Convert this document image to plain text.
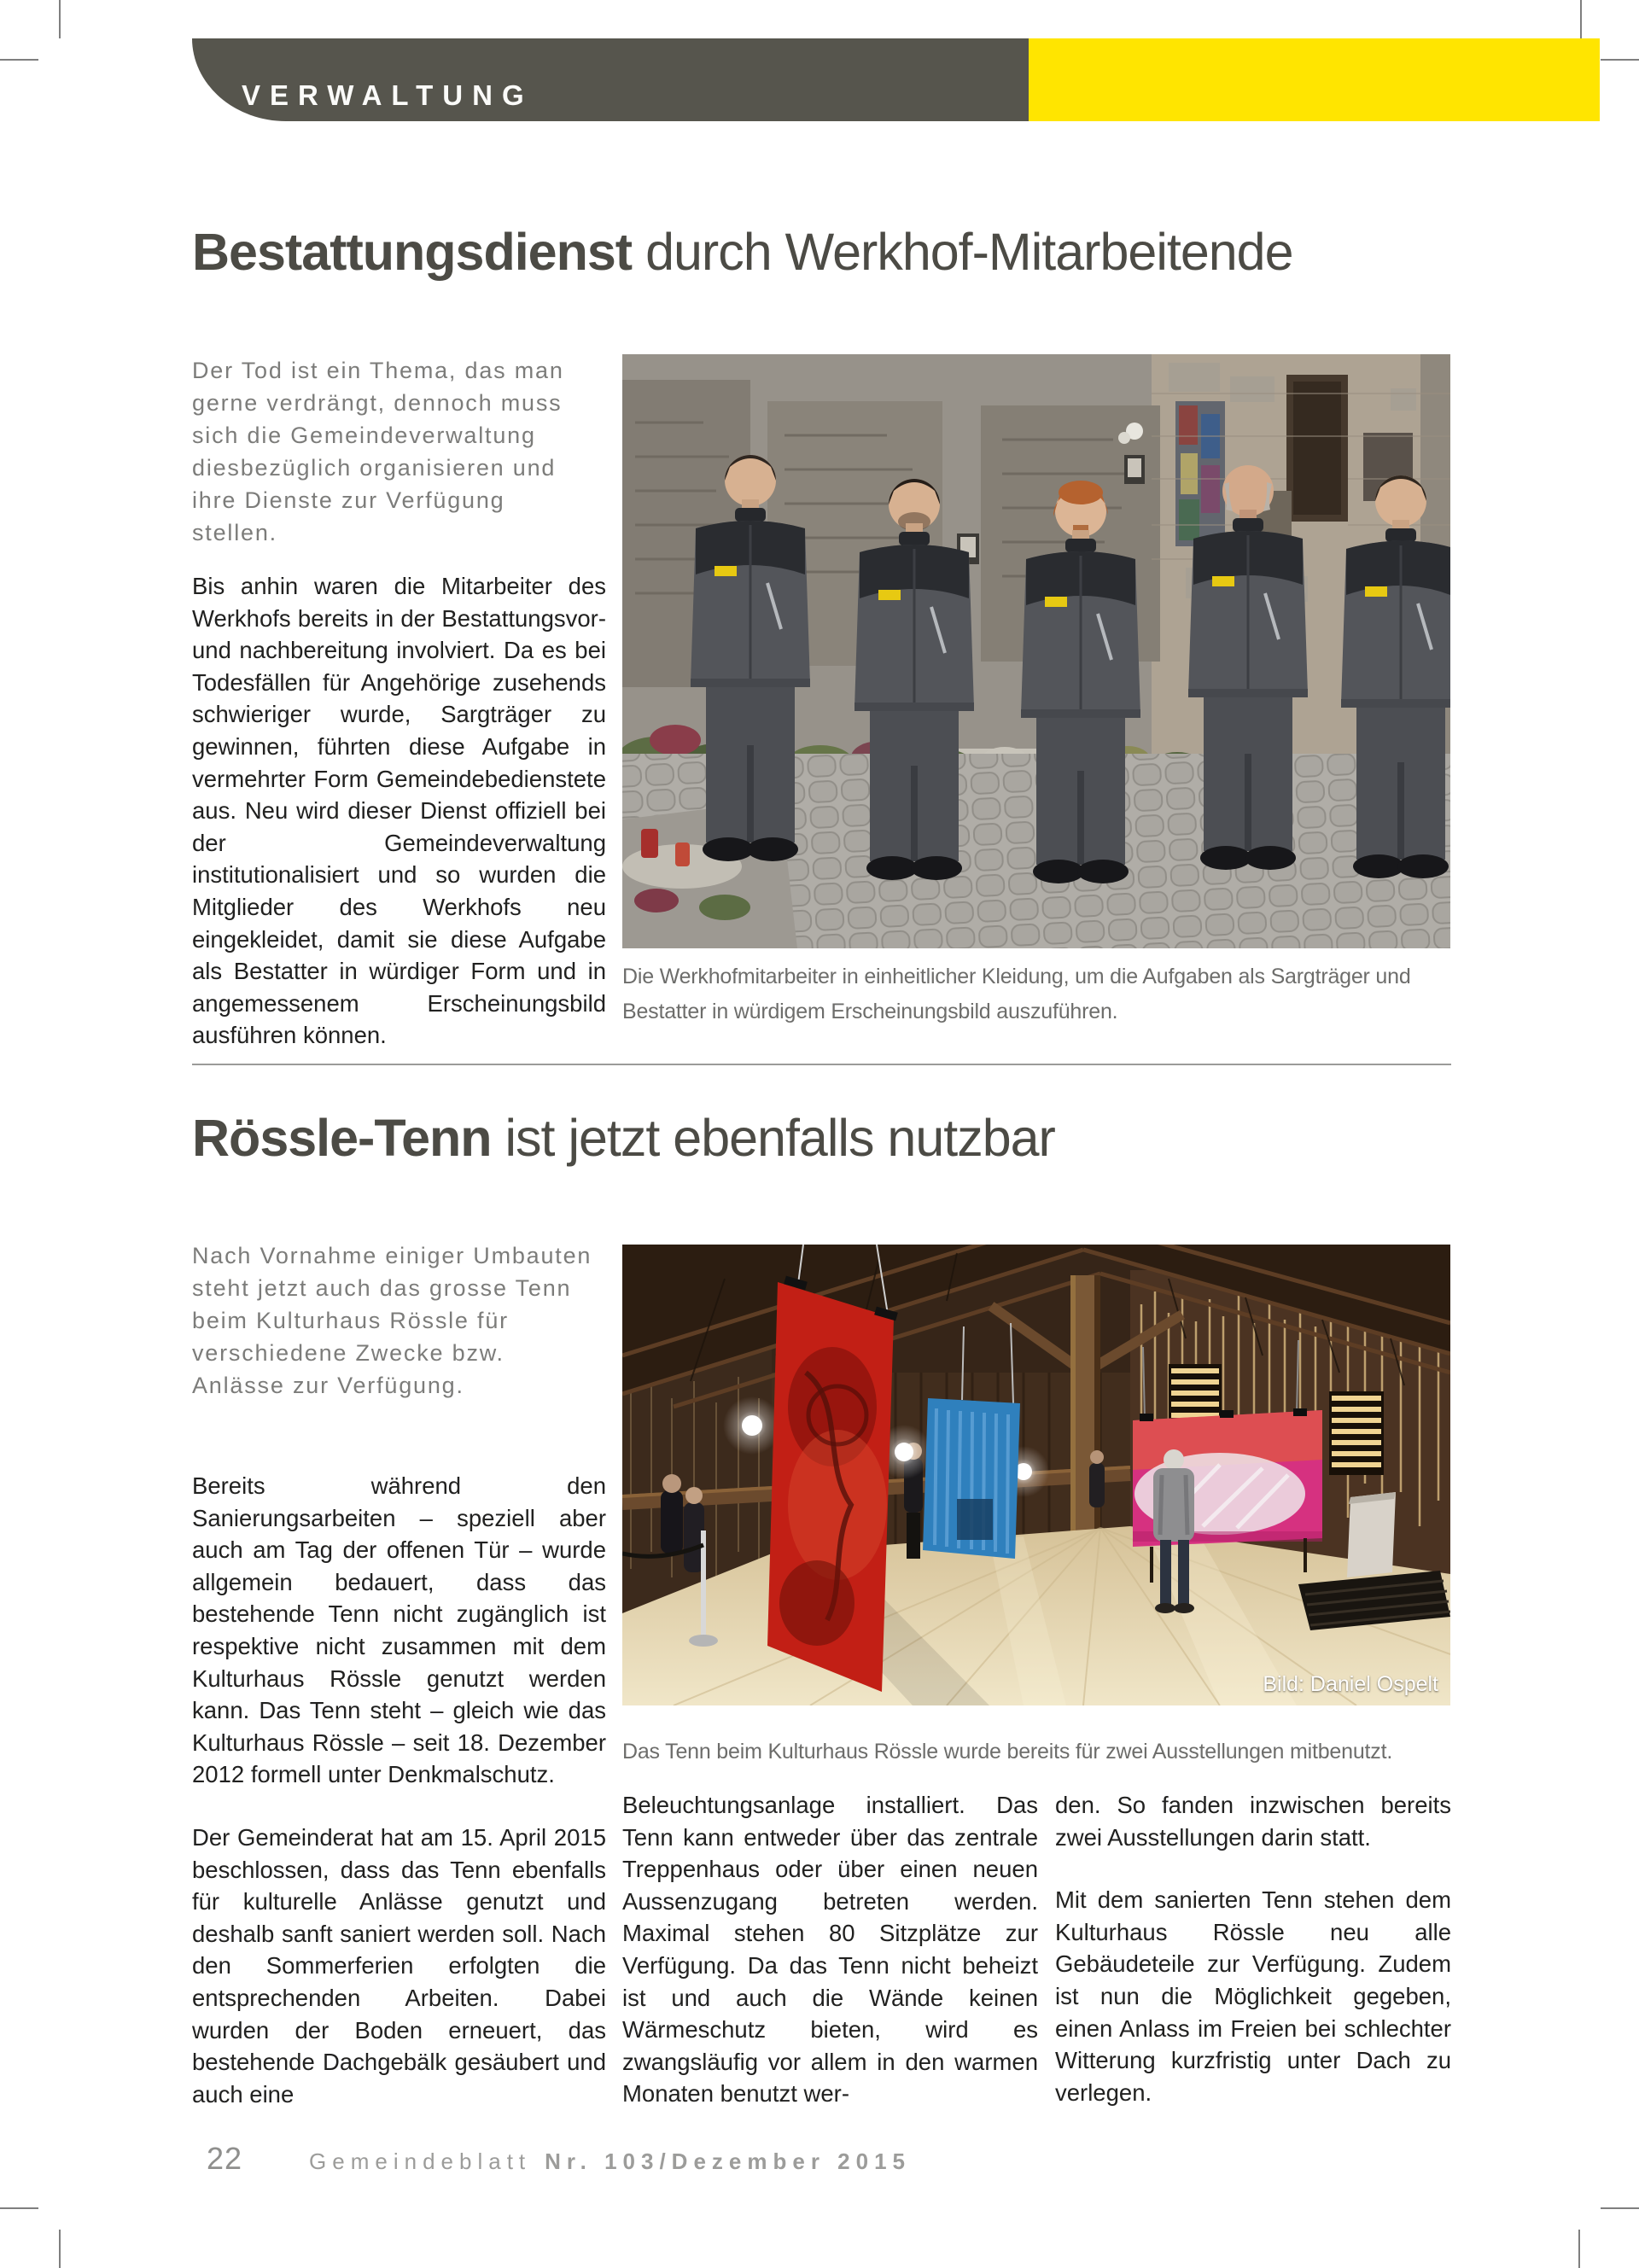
VERWALTUNG
Bestattungsdienst durch Werkhof-Mitarbeitende
Der Tod ist ein Thema, das man gerne verdrängt, dennoch muss sich die Gemeindeverwaltung diesbezüglich organisieren und ihre Dienste zur Verfügung stellen.

Bis anhin waren die Mitarbeiter des Werkhofs bereits in der Bestattungsvor- und nachbereitung involviert. Da es bei Todesfällen für Angehörige zusehends schwieriger wurde, Sargträger zu gewinnen, führten diese Aufgabe in vermehrter Form Gemeindebedienstete aus. Neu wird dieser Dienst offiziell bei der Gemeindeverwaltung institutionalisiert und so wurden die Mitglieder des Werkhofs neu eingekleidet, damit sie diese Aufgabe als Bestatter in würdiger Form und in angemessenem Erscheinungsbild ausführen können.

Die Werkhofmitarbeiter in einheitlicher Kleidung, um die Aufgaben als Sargträger und Bestatter in würdigem Erscheinungsbild auszuführen.
Rössle-Tenn ist jetzt ebenfalls nutzbar
Nach Vornahme einiger Umbauten steht jetzt auch das grosse Tenn beim Kulturhaus Rössle für verschiedene Zwecke bzw. Anlässe zur Verfügung.
Bild: Daniel Ospelt
Das Tenn beim Kulturhaus Rössle wurde bereits für zwei Ausstellungen mitbenutzt.

Bereits während den Sanierungsarbeiten – speziell aber auch am Tag der offenen Tür – wurde allgemein bedauert, dass das bestehende Tenn nicht zugänglich ist respektive nicht zusammen mit dem Kulturhaus Rössle genutzt werden kann. Das Tenn steht – gleich wie das Kulturhaus Rössle – seit 18. Dezember 2012 formell unter Denkmalschutz.

Der Gemeinderat hat am 15. April 2015 beschlossen, dass das Tenn ebenfalls für kulturelle Anlässe genutzt und deshalb sanft saniert werden soll. Nach den Sommerferien erfolgten die entsprechenden Arbeiten. Dabei wurden der Boden erneuert, das bestehende Dachgebälk gesäubert und auch eine

Beleuchtungsanlage installiert. Das Tenn kann entweder über das zentrale Treppenhaus oder über einen neuen Aussenzugang betreten werden. Maximal stehen 80 Sitzplätze zur Verfügung. Da das Tenn nicht beheizt ist und auch die Wände keinen Wärmeschutz bieten, wird es zwangsläufig vor allem in den warmen Monaten benutzt wer-

den. So fanden inzwischen bereits zwei Ausstellungen darin statt.

Mit dem sanierten Tenn stehen dem Kulturhaus Rössle neu alle Gebäudeteile zur Verfügung. Zudem ist nun die Möglichkeit gegeben, einen Anlass im Freien bei schlechter Witterung kurzfristig unter Dach zu verlegen.

22	Gemeindeblatt Nr. 103/Dezember 2015
